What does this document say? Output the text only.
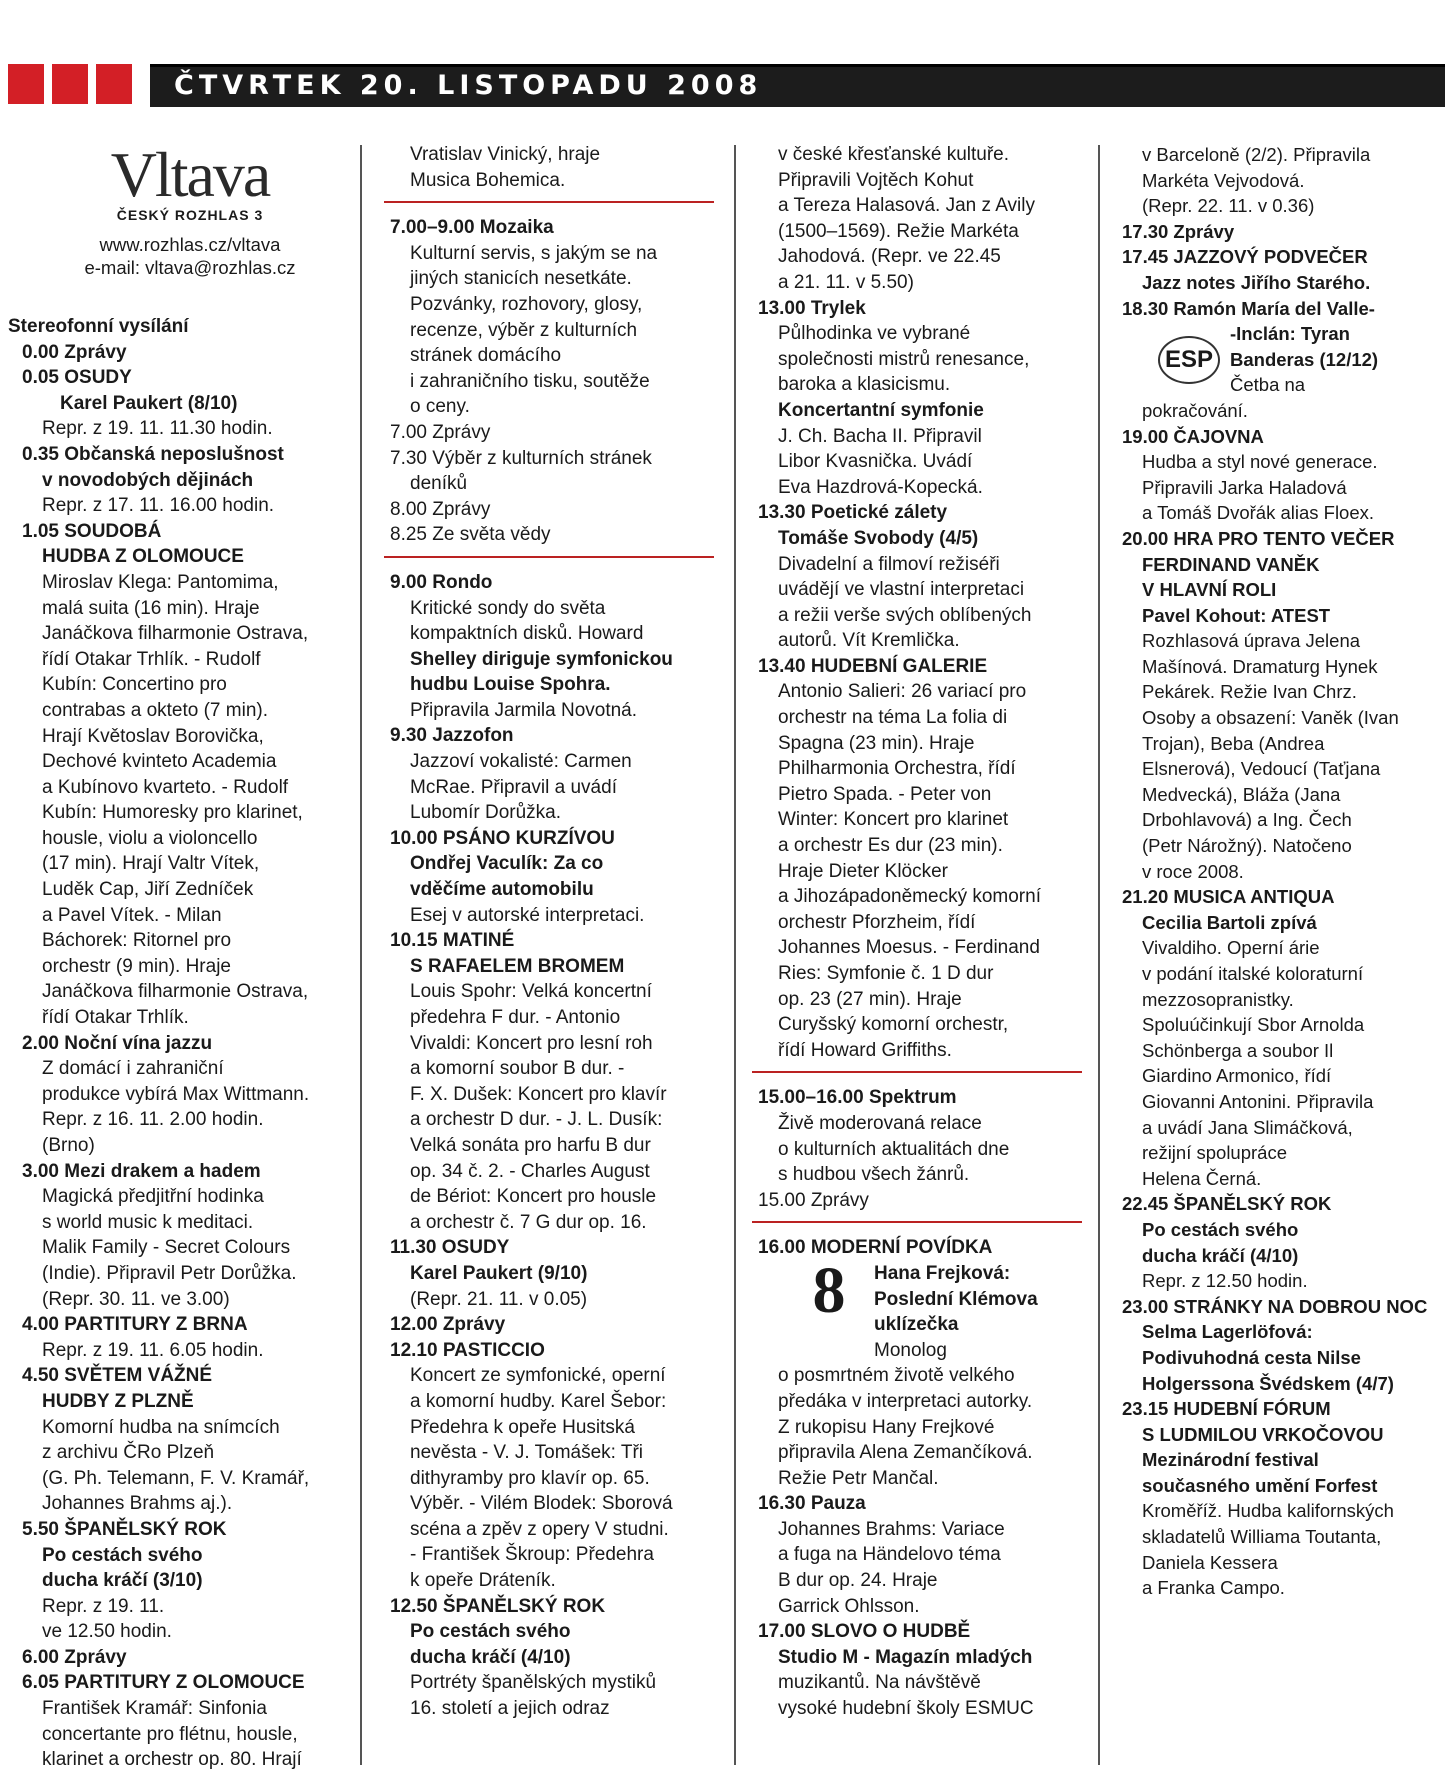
ČTVRTEK 20. LISTOPADU 2008
Vltava
ČESKÝ ROZHLAS 3
www.rozhlas.cz/vltava
e-mail: vltava@rozhlas.cz
Stereofonní vysílání
0.00 Zprávy
0.05 OSUDY
Karel Paukert (8/10)
Repr. z 19. 11. 11.30 hodin.
0.35 Občanská neposlušnost
v novodobých dějinách
Repr. z 17. 11. 16.00 hodin.
1.05 SOUDOBÁ
HUDBA Z OLOMOUCE
Miroslav Klega: Pantomima,
malá suita (16 min). Hraje
Janáčkova filharmonie Ostrava,
řídí Otakar Trhlík. - Rudolf
Kubín: Concertino pro
contrabas a okteto (7 min).
Hrají Květoslav Borovička,
Dechové kvinteto Academia
a Kubínovo kvarteto. - Rudolf
Kubín: Humoresky pro klarinet,
housle, violu a violoncello
(17 min). Hrají Valtr Vítek,
Luděk Cap, Jiří Zedníček
a Pavel Vítek. - Milan
Báchorek: Ritornel pro
orchestr (9 min). Hraje
Janáčkova filharmonie Ostrava,
řídí Otakar Trhlík.
2.00 Noční vína jazzu
Z domácí i zahraniční
produkce vybírá Max Wittmann.
Repr. z 16. 11. 2.00 hodin.
(Brno)
3.00 Mezi drakem a hadem
Magická předjitřní hodinka
s world music k meditaci.
Malik Family - Secret Colours
(Indie). Připravil Petr Dorůžka.
(Repr. 30. 11. ve 3.00)
4.00 PARTITURY Z BRNA
Repr. z 19. 11. 6.05 hodin.
4.50 SVĚTEM VÁŽNÉ
HUDBY Z PLZNĚ
Komorní hudba na snímcích
z archivu ČRo Plzeň
(G. Ph. Telemann, F. V. Kramář,
Johannes Brahms aj.).
5.50 ŠPANĚLSKÝ ROK
Po cestách svého
ducha kráčí (3/10)
Repr. z 19. 11.
ve 12.50 hodin.
6.00 Zprávy
6.05 PARTITURY Z OLOMOUCE
František Kramář: Sinfonia
concertante pro flétnu, housle,
klarinet a orchestr op. 80. Hrají
Vratislav Vinický, hraje
Musica Bohemica.
7.00–9.00 Mozaika
Kulturní servis, s jakým se na
jiných stanicích nesetkáte.
Pozvánky, rozhovory, glosy,
recenze, výběr z kulturních
stránek domácího
i zahraničního tisku, soutěže
o ceny.
7.00 Zprávy
7.30 Výběr z kulturních stránek
deníků
8.00 Zprávy
8.25 Ze světa vědy
9.00 Rondo
Kritické sondy do světa
kompaktních disků. Howard
Shelley diriguje symfonickou
hudbu Louise Spohra.
Připravila Jarmila Novotná.
9.30 Jazzofon
Jazzoví vokalisté: Carmen
McRae. Připravil a uvádí
Lubomír Dorůžka.
10.00 PSÁNO KURZÍVOU
Ondřej Vaculík: Za co
vděčíme automobilu
Esej v autorské interpretaci.
10.15 MATINÉ
S RAFAELEM BROMEM
Louis Spohr: Velká koncertní
předehra F dur. - Antonio
Vivaldi: Koncert pro lesní roh
a komorní soubor B dur. -
F. X. Dušek: Koncert pro klavír
a orchestr D dur. - J. L. Dusík:
Velká sonáta pro harfu B dur
op. 34 č. 2. - Charles August
de Bériot: Koncert pro housle
a orchestr č. 7 G dur op. 16.
11.30 OSUDY
Karel Paukert (9/10)
(Repr. 21. 11. v 0.05)
12.00 Zprávy
12.10 PASTICCIO
Koncert ze symfonické, operní
a komorní hudby. Karel Šebor:
Předehra k opeře Husitská
nevěsta - V. J. Tomášek: Tři
dithyramby pro klavír op. 65.
Výběr. - Vilém Blodek: Sborová
scéna a zpěv z opery V studni.
- František Škroup: Předehra
k opeře Dráteník.
12.50 ŠPANĚLSKÝ ROK
Po cestách svého
ducha kráčí (4/10)
Portréty španělských mystiků
16. století a jejich odraz
v české křesťanské kultuře.
Připravili Vojtěch Kohut
a Tereza Halasová. Jan z Avily
(1500–1569). Režie Markéta
Jahodová. (Repr. ve 22.45
a 21. 11. v 5.50)
13.00 Trylek
Půlhodinka ve vybrané
společnosti mistrů renesance,
baroka a klasicismu.
Koncertantní symfonie
J. Ch. Bacha II. Připravil
Libor Kvasnička. Uvádí
Eva Hazdrová-Kopecká.
13.30 Poetické zálety
Tomáše Svobody (4/5)
Divadelní a filmoví režiséři
uvádějí ve vlastní interpretaci
a režii verše svých oblíbených
autorů. Vít Kremlička.
13.40 HUDEBNÍ GALERIE
Antonio Salieri: 26 variací pro
orchestr na téma La folia di
Spagna (23 min). Hraje
Philharmonia Orchestra, řídí
Pietro Spada. - Peter von
Winter: Koncert pro klarinet
a orchestr Es dur (23 min).
Hraje Dieter Klöcker
a Jihozápadoněmecký komorní
orchestr Pforzheim, řídí
Johannes Moesus. - Ferdinand
Ries: Symfonie č. 1 D dur
op. 23 (27 min). Hraje
Curyšský komorní orchestr,
řídí Howard Griffiths.
15.00–16.00 Spektrum
Živě moderovaná relace
o kulturních aktualitách dne
s hudbou všech žánrů.
15.00 Zprávy
16.00 MODERNÍ POVÍDKA
8	Hana Frejková:
Poslední Klémova
uklízečka
Monolog
o posmrtném životě velkého
předáka v interpretaci autorky.
Z rukopisu Hany Frejkové
připravila Alena Zemančíková.
Režie Petr Mančal.
16.30 Pauza
Johannes Brahms: Variace
a fuga na Händelovo téma
B dur op. 24. Hraje
Garrick Ohlsson.
17.00 SLOVO O HUDBĚ
Studio M - Magazín mladých
muzikantů. Na návštěvě
vysoké hudební školy ESMUC
v Barceloně (2/2). Připravila
Markéta Vejvodová.
(Repr. 22. 11. v 0.36)
17.30 Zprávy
17.45 JAZZOVÝ PODVEČER
Jazz notes Jiřího Starého.
18.30 Ramón María del Valle-
ESP
-Inclán: Tyran
Banderas (12/12)
Četba na
pokračování.
19.00 ČAJOVNA
Hudba a styl nové generace.
Připravili Jarka Haladová
a Tomáš Dvořák alias Floex.
20.00 HRA PRO TENTO VEČER
FERDINAND VANĚK
V HLAVNÍ ROLI
Pavel Kohout: ATEST
Rozhlasová úprava Jelena
Mašínová. Dramaturg Hynek
Pekárek. Režie Ivan Chrz.
Osoby a obsazení: Vaněk (Ivan
Trojan), Beba (Andrea
Elsnerová), Vedoucí (Taťjana
Medvecká), Bláža (Jana
Drbohlavová) a Ing. Čech
(Petr Nárožný). Natočeno
v roce 2008.
21.20 MUSICA ANTIQUA
Cecilia Bartoli zpívá
Vivaldiho. Operní árie
v podání italské koloraturní
mezzosopranistky.
Spoluúčinkují Sbor Arnolda
Schönberga a soubor Il
Giardino Armonico, řídí
Giovanni Antonini. Připravila
a uvádí Jana Slimáčková,
režijní spolupráce
Helena Černá.
22.45 ŠPANĚLSKÝ ROK
Po cestách svého
ducha kráčí (4/10)
Repr. z 12.50 hodin.
23.00 STRÁNKY NA DOBROU NOC
Selma Lagerlöfová:
Podivuhodná cesta Nilse
Holgerssona Švédskem (4/7)
23.15 HUDEBNÍ FÓRUM
S LUDMILOU VRKOČOVOU
Mezinárodní festival
současného umění Forfest
Kroměříž. Hudba kalifornských
skladatelů Williama Toutanta,
Daniela Kessera
a Franka Campo.
